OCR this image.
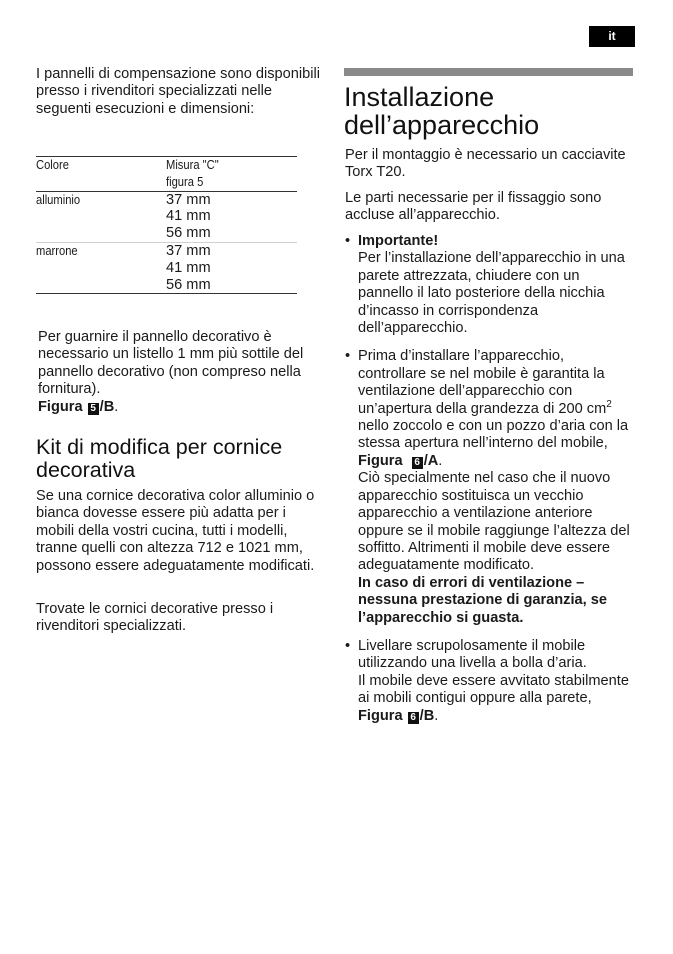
it

I pannelli di compensazione sono disponibili presso i rivenditori specializzati nelle seguenti esecuzioni e dimensioni:

Colore	Misura "C"
figura 5
alluminio	37 mm
41 mm
56 mm
marrone	37 mm
41 mm
56 mm

Per guarnire il pannello decorativo è necessario un listello 1 mm più sottile del pannello decorativo (non compreso nella fornitura).
Figura 5 /B.

Kit di modifica per cornice decorativa

Se una cornice decorativa color alluminio o bianca dovesse essere più adatta per i mobili della vostri cucina, tutti i modelli, tranne quelli con altezza 712 e 1021 mm, possono essere adeguatamente modificati.

Trovate le cornici decorative presso i rivenditori specializzati.

Installazione dell’apparecchio

Per il montaggio è necessario un cacciavite Torx T20.

Le parti necessarie per il fissaggio sono accluse all’apparecchio.

• Importante!
Per l’installazione dell’apparecchio in una parete attrezzata, chiudere con un pannello il lato posteriore della nicchia d’incasso in corrispondenza dell’apparecchio.
• Prima d’installare l’apparecchio, controllare se nel mobile è garantita la ventilazione dell’apparecchio con un’apertura della grandezza di 200 $cm^2$ nello zoccolo e con un pozzo d’aria con la stessa apertura nell’interno del mobile, Figura 6 /A.
Ciò specialmente nel caso che il nuovo apparecchio sostituisca un vecchio apparecchio a ventilazione anteriore oppure se il mobile raggiunge l’altezza del soffitto. Altrimenti il mobile deve essere adeguatamente modificato.
In caso di errori di ventilazione – nessuna prestazione di garanzia, se l’apparecchio si guasta.
• Livellare scrupolosamente il mobile utilizzando una livella a bolla d’aria.
Il mobile deve essere avvitato stabilmente ai mobili contigui oppure alla parete, Figura 6 /B.
